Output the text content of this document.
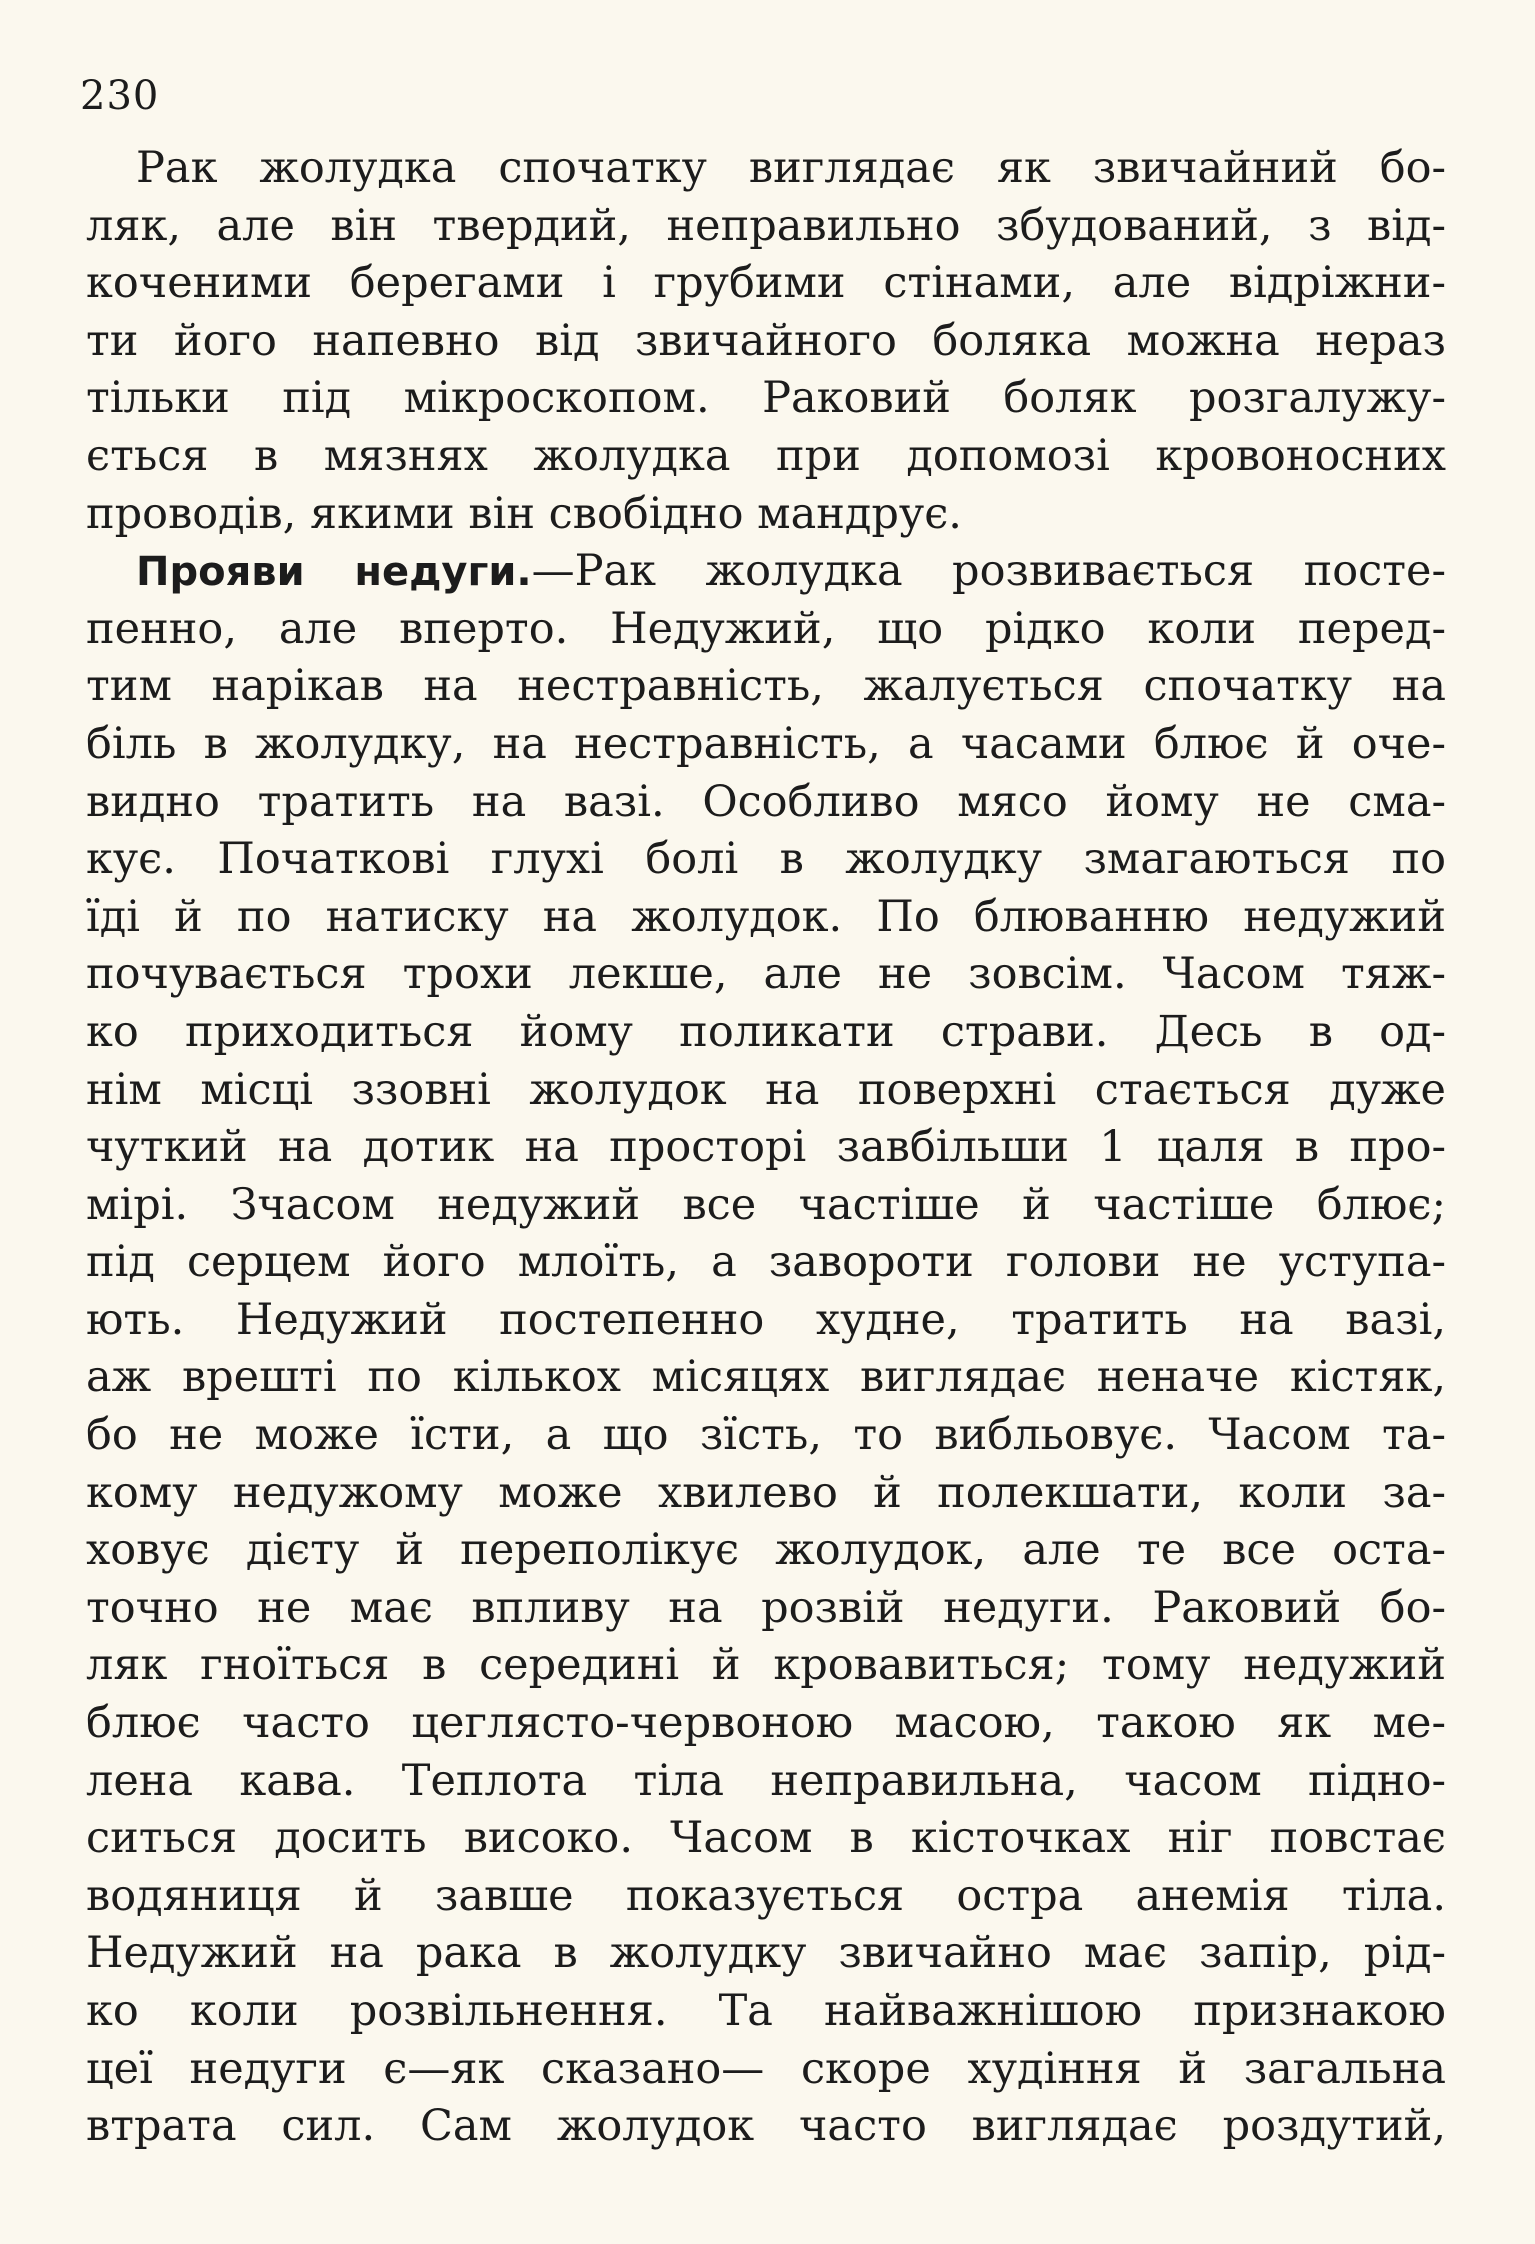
230
Рак жолудка спочатку виглядає як звичайний бо-
ляк, але він твердий, неправильно збудований, з від-
коченими берегами і грубими стінами, але відріжни-
ти його напевно від звичайного боляка можна нераз
тільки під мікроскопом. Раковий боляк розгалужу-
ється в мязнях жолудка при допомозі кровоносних
проводів, якими він свобідно мандрує.
Прояви недуги.—Рак жолудка розвивається посте-
пенно, але вперто. Недужий, що рідко коли перед-
тим нарікав на нестравність, жалується спочатку на
біль в жолудку, на нестравність, а часами блює й оче-
видно тратить на вазі. Особливо мясо йому не сма-
кує. Початкові глухі болі в жолудку змагаються по
їді й по натиску на жолудок. По блюванню недужий
почувається трохи лекше, але не зовсім. Часом тяж-
ко приходиться йому поликати страви. Десь в од-
нім місці ззовні жолудок на поверхні стається дуже
чуткий на дотик на просторі завбільши 1 цаля в про-
мірі. Зчасом недужий все частіше й частіше блює;
під серцем його млоїть, а завороти голови не уступа-
ють. Недужий постепенно худне, тратить на вазі,
аж врешті по кількох місяцях виглядає неначе кістяк,
бо не може їсти, а що зїсть, то вибльовує. Часом та-
кому недужому може хвилево й полекшати, коли за-
ховує дієту й переполікує жолудок, але те все оста-
точно не має впливу на розвій недуги. Раковий бо-
ляк гноїться в середині й кровавиться; тому недужий
блює часто цеглясто-червоною масою, такою як ме-
лена кава. Теплота тіла неправильна, часом підно-
ситься досить високо. Часом в кісточках ніг повстає
водяниця й завше показується остра анемія тіла.
Недужий на рака в жолудку звичайно має запір, рід-
ко коли розвільнення. Та найважнішою признакою
цеї недуги є—як сказано— скоре худіння й загальна
втрата сил. Сам жолудок часто виглядає роздутий,
